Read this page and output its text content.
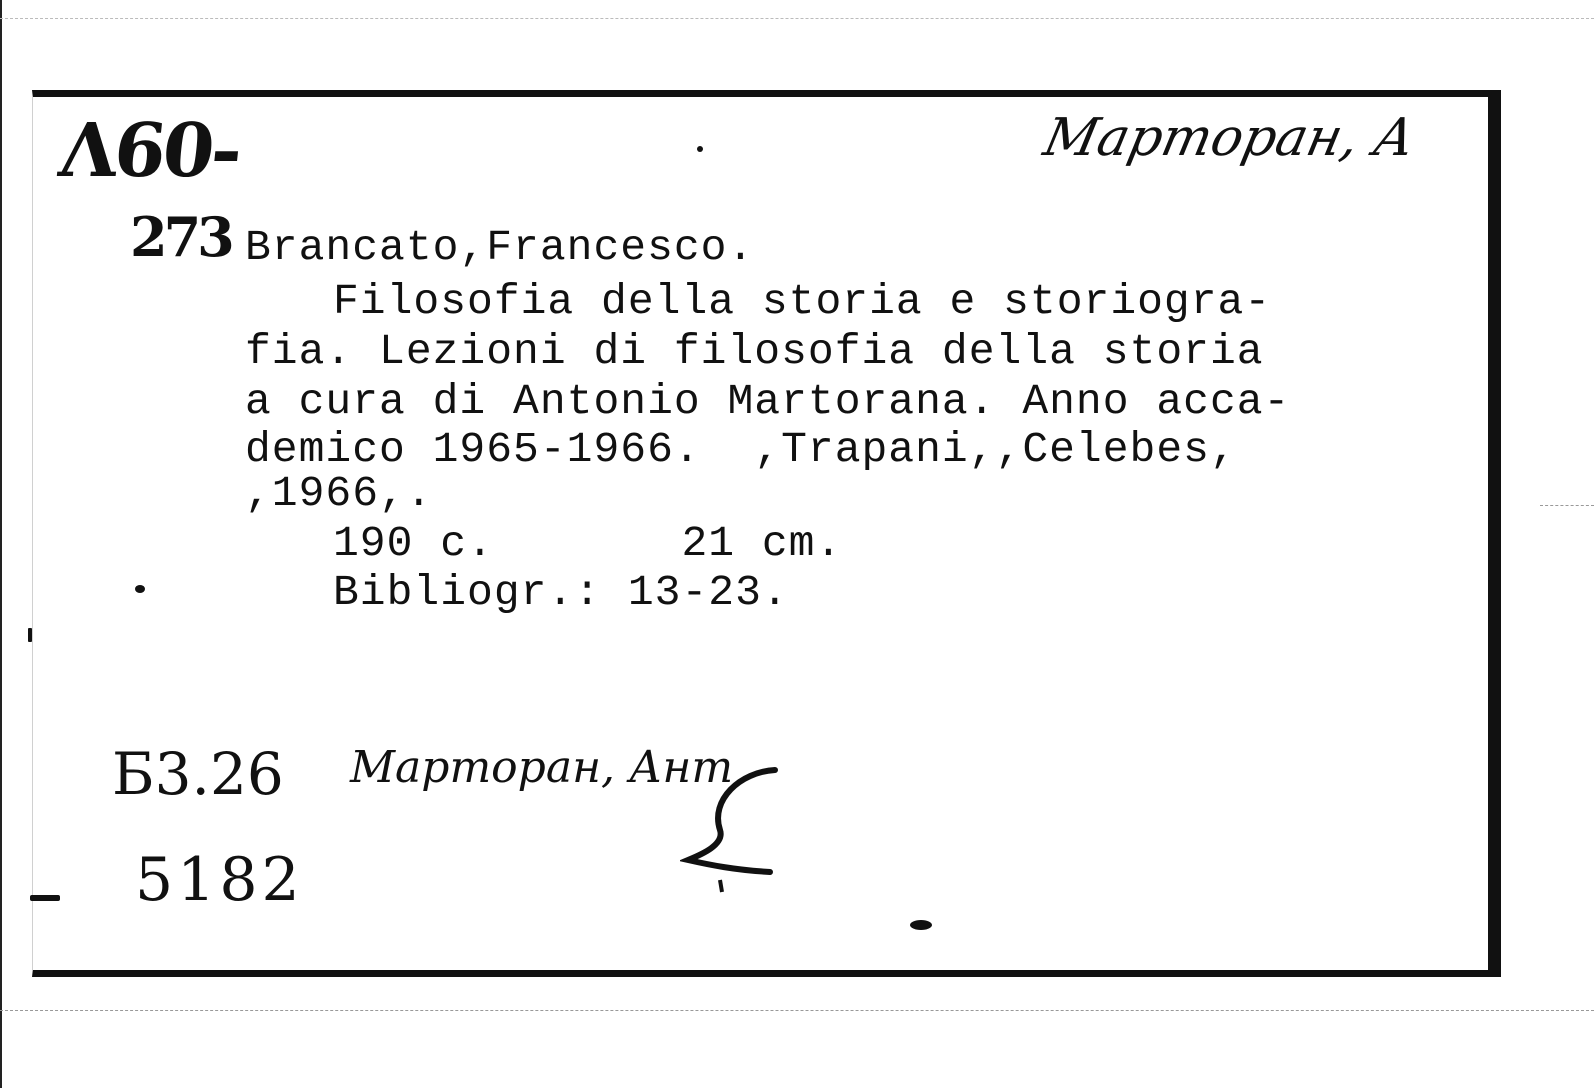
Λ60-
273
Марторан, А
Brancato,Francesco.
Filosofia della storia e storiogra-
fia. Lezioni di filosofia della storia
a cura di Antonio Martorana. Anno acca-
demico 1965-1966.  ,Trapani,,Celebes,
,1966,.
190 c.       21 cm.
Bibliogr.: 13-23.
Б3.26 Марторан, Ант
5182
